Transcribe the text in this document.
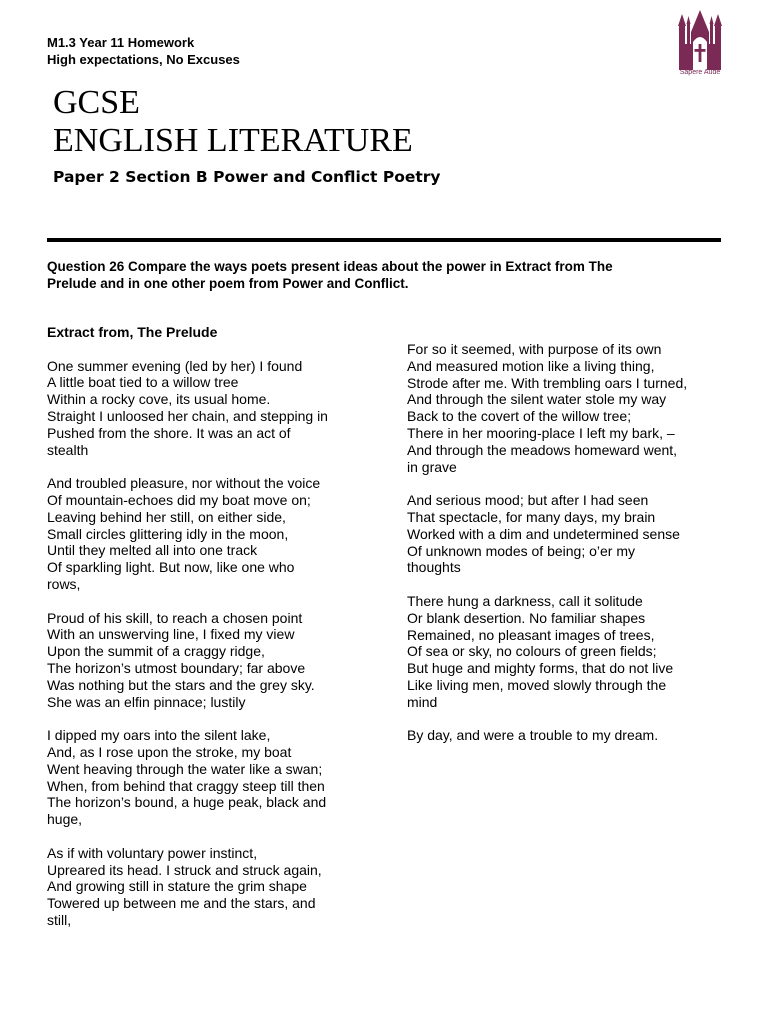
M1.3 Year 11 Homework
High expectations, No Excuses
Sapere Aude
GCSE
ENGLISH LITERATURE
Paper 2 Section B Power and Conflict Poetry
Question 26 Compare the ways poets present ideas about the power in Extract from The
Prelude and in one other poem from Power and Conflict.
Extract from, The Prelude
One summer evening (led by her) I found
A little boat tied to a willow tree
Within a rocky cove, its usual home.
Straight I unloosed her chain, and stepping in
Pushed from the shore. It was an act of
stealth
And troubled pleasure, nor without the voice
Of mountain-echoes did my boat move on;
Leaving behind her still, on either side,
Small circles glittering idly in the moon,
Until they melted all into one track
Of sparkling light. But now, like one who
rows,
Proud of his skill, to reach a chosen point
With an unswerving line, I fixed my view
Upon the summit of a craggy ridge,
The horizon’s utmost boundary; far above
Was nothing but the stars and the grey sky.
She was an elfin pinnace; lustily
I dipped my oars into the silent lake,
And, as I rose upon the stroke, my boat
Went heaving through the water like a swan;
When, from behind that craggy steep till then
The horizon’s bound, a huge peak, black and
huge,
As if with voluntary power instinct,
Upreared its head. I struck and struck again,
And growing still in stature the grim shape
Towered up between me and the stars, and
still,
For so it seemed, with purpose of its own
And measured motion like a living thing,
Strode after me. With trembling oars I turned,
And through the silent water stole my way
Back to the covert of the willow tree;
There in her mooring-place I left my bark, –
And through the meadows homeward went,
in grave
And serious mood; but after I had seen
That spectacle, for many days, my brain
Worked with a dim and undetermined sense
Of unknown modes of being; o’er my
thoughts
There hung a darkness, call it solitude
Or blank desertion. No familiar shapes
Remained, no pleasant images of trees,
Of sea or sky, no colours of green fields;
But huge and mighty forms, that do not live
Like living men, moved slowly through the
mind
By day, and were a trouble to my dream.
